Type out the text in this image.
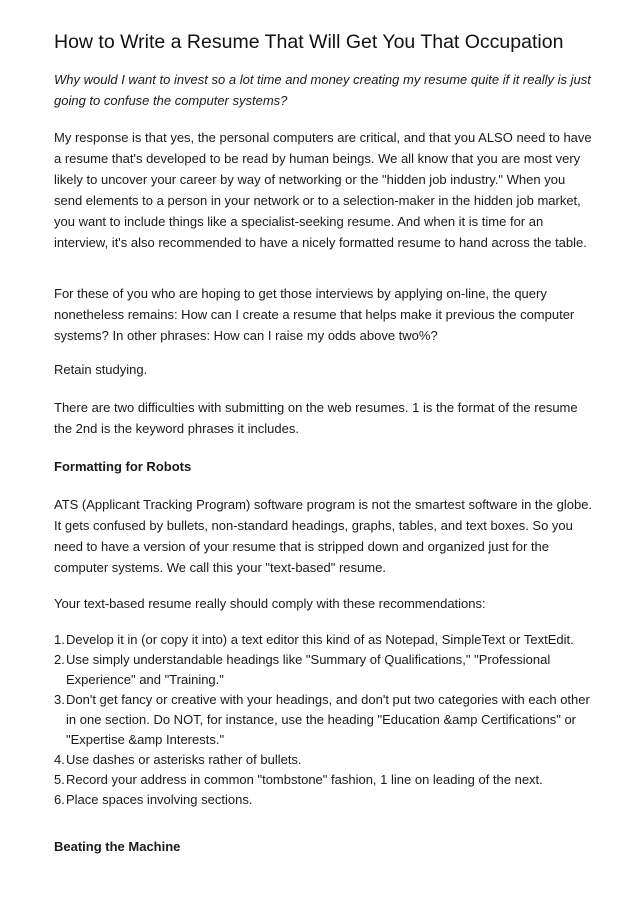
How to Write a Resume That Will Get You That Occupation

Why would I want to invest so a lot time and money creating my resume quite if it really is just going to confuse the computer systems?

My response is that yes, the personal computers are critical, and that you ALSO need to have a resume that's developed to be read by human beings. We all know that you are most very likely to uncover your career by way of networking or the "hidden job industry." When you send elements to a person in your network or to a selection-maker in the hidden job market, you want to include things like a specialist-seeking resume. And when it is time for an interview, it's also recommended to have a nicely formatted resume to hand across the table.

For these of you who are hoping to get those interviews by applying on-line, the query nonetheless remains: How can I create a resume that helps make it previous the computer systems? In other phrases: How can I raise my odds above two%?

Retain studying.

There are two difficulties with submitting on the web resumes. 1 is the format of the resume the 2nd is the keyword phrases it includes.

Formatting for Robots

ATS (Applicant Tracking Program) software program is not the smartest software in the globe. It gets confused by bullets, non-standard headings, graphs, tables, and text boxes. So you need to have a version of your resume that is stripped down and organized just for the computer systems. We call this your "text-based" resume.

Your text-based resume really should comply with these recommendations:

1. Develop it in (or copy it into) a text editor this kind of as Notepad, SimpleText or TextEdit.
2. Use simply understandable headings like "Summary of Qualifications," "Professional Experience" and "Training."
3. Don't get fancy or creative with your headings, and don't put two categories with each other in one section. Do NOT, for instance, use the heading "Education &amp Certifications" or "Expertise &amp Interests."
4. Use dashes or asterisks rather of bullets.
5. Record your address in common "tombstone" fashion, 1 line on leading of the next.
6. Place spaces involving sections.

Beating the Machine
